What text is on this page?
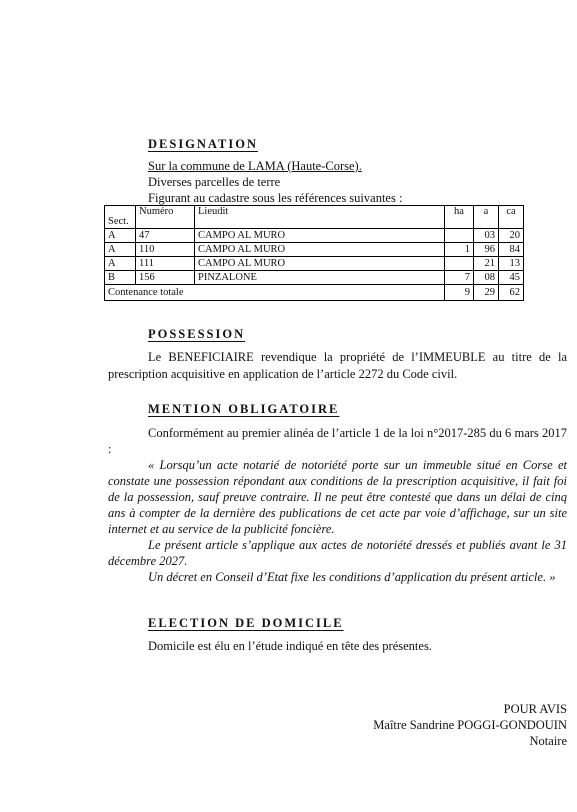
DESIGNATION
Sur la commune de LAMA (Haute-Corse).
Diverses parcelles de terre
Figurant au cadastre sous les références suivantes :
Sect.	Numéro	Lieudit	ha	a	ca
A	47	CAMPO AL MURO		03	20
A	110	CAMPO AL MURO	1	96	84
A	111	CAMPO AL MURO		21	13
B	156	PINZALONE	7	08	45
Contenance totale			9	29	62
POSSESSION
Le BENEFICIAIRE revendique la propriété de l’IMMEUBLE au titre de la prescription acquisitive en application de l’article 2272 du Code civil.
MENTION OBLIGATOIRE
Conformément au premier alinéa de l’article 1 de la loi n°2017-285 du 6 mars 2017 :
« Lorsqu’un acte notarié de notoriété porte sur un immeuble situé en Corse et constate une possession répondant aux conditions de la prescription acquisitive, il fait foi de la possession, sauf preuve contraire. Il ne peut être contesté que dans un délai de cinq ans à compter de la dernière des publications de cet acte par voie d’affichage, sur un site internet et au service de la publicité foncière.
Le présent article s’applique aux actes de notoriété dressés et publiés avant le 31 décembre 2027.
Un décret en Conseil d’Etat fixe les conditions d’application du présent article. »
ELECTION DE DOMICILE
Domicile est élu en l’étude indiqué en tête des présentes.
POUR AVIS
Maître Sandrine POGGI-GONDOUIN
Notaire
